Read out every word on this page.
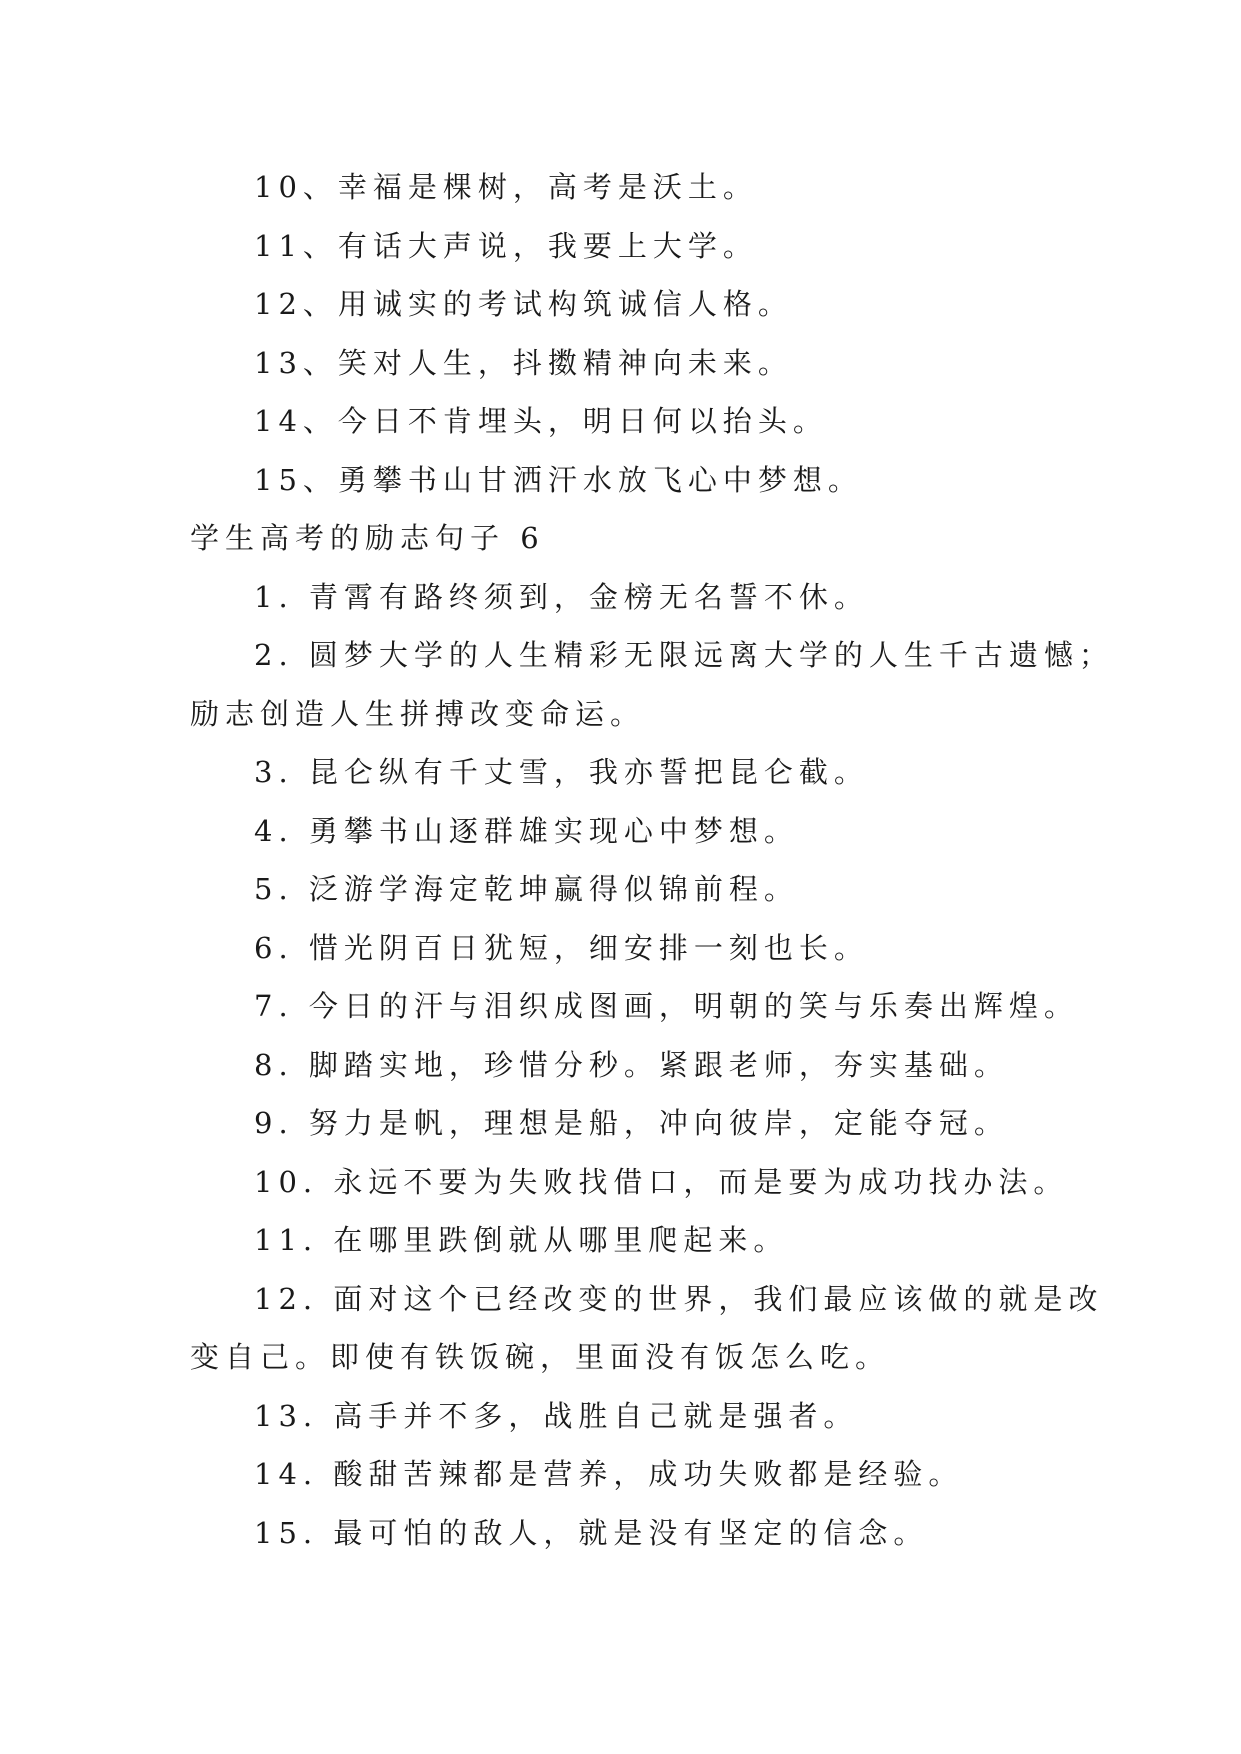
10、幸福是棵树，高考是沃土。

11、有话大声说，我要上大学。

12、用诚实的考试构筑诚信人格。

13、笑对人生，抖擞精神向未来。

14、今日不肯埋头，明日何以抬头。

15、勇攀书山甘洒汗水放飞心中梦想。

学生高考的励志句子 6

1. 青霄有路终须到，金榜无名誓不休。

2. 圆梦大学的人生精彩无限远离大学的人生千古遗憾；

励志创造人生拼搏改变命运。

3. 昆仑纵有千丈雪，我亦誓把昆仑截。

4. 勇攀书山逐群雄实现心中梦想。

5. 泛游学海定乾坤赢得似锦前程。

6. 惜光阴百日犹短，细安排一刻也长。

7. 今日的汗与泪织成图画，明朝的笑与乐奏出辉煌。

8. 脚踏实地，珍惜分秒。紧跟老师，夯实基础。

9. 努力是帆，理想是船，冲向彼岸，定能夺冠。

10. 永远不要为失败找借口，而是要为成功找办法。

11. 在哪里跌倒就从哪里爬起来。

12. 面对这个已经改变的世界，我们最应该做的就是改

变自己。即使有铁饭碗，里面没有饭怎么吃。

13. 高手并不多，战胜自己就是强者。

14. 酸甜苦辣都是营养，成功失败都是经验。

15. 最可怕的敌人，就是没有坚定的信念。
